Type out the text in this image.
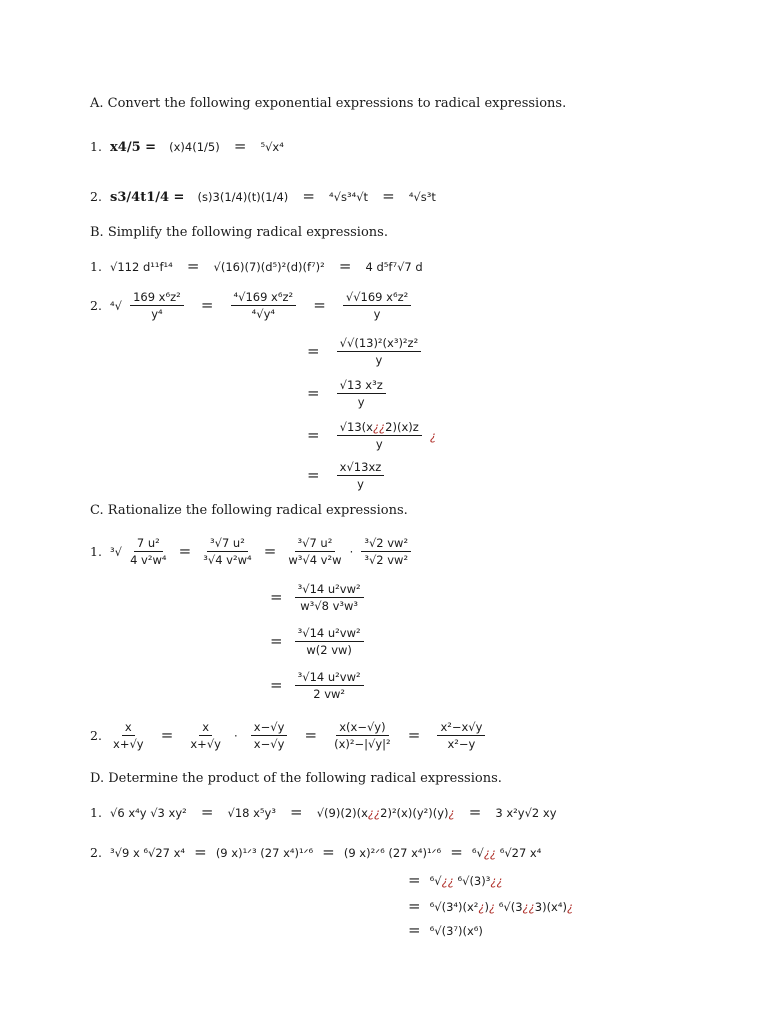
A. Convert the following exponential expressions to radical expressions.
1. x4/5 = (x)4(1/5) = ⁵√x⁴
2. s3/4t1/4 = (s)3(1/4)(t)(1/4) = ⁴√s³⁴√t = ⁴√s³t
B. Simplify the following radical expressions.
1. √112 d¹¹f¹⁴ = √(16)(7)(d⁵)²(d)(f⁷)² = 4 d⁵f⁷√7 d
2. $^4√ \frac{\text{169 x⁶z²}}{\text{y⁴}} = \frac{\text{⁴√169 x⁶z²}}{\text{⁴√y⁴}} = \frac{\text{√√169 x⁶z²}}{y}$
= $\frac{\text{√√(13)²(x³)²z²}}{y}$
= $\frac{\text{√13 x³z}}{y}$
= $\frac{√13(x¿¿2)(x)z}{y}$ ¿
= $\frac{x√13xz}{y}$
C. Rationalize the following radical expressions.
1. $^3√ \frac{\text{7 u²}}{\text{4 v²w⁴}} = \frac{\text{³√7 u²}}{\text{³√4 v²w⁴}} = \frac{\text{³√7 u²}}{\text{w³√4 v²w}} \cdot \frac{\text{³√2 vw²}}{\text{³√2 vw²}}$
= $\frac{\text{³√14 u²vw²}}{\text{w³√8 v³w³}}$
= $\frac{\text{³√14 u²vw²}}{w(2 vw)}$
= $\frac{\text{³√14 u²vw²}}{\text{2 vw²}}$
2. $\frac{x}{x+√y} = \frac{x}{x+√y} \cdot \frac{x-√y}{x-√y} = \frac{x(x-√y)}{\text{(x)²−|√y|²}} = \frac{\text{x²−x√y}}{\text{x²−y}}$
D. Determine the product of the following radical expressions.
1. √6 x⁴y √3 xy² = √18 x⁵y³ = √(9)(2)(x¿¿2)²(x)(y²)(y)¿ = 3 x²y√2 xy
2. ³√9 x ⁶√27 x⁴ = (9 x)¹ᐟ³ (27 x⁴)¹ᐟ⁶ = (9 x)²ᐟ⁶ (27 x⁴)¹ᐟ⁶ = ⁶√¿¿ ⁶√27 x⁴
= ⁶√¿¿ ⁶√(3)³¿¿
= ⁶√(3⁴)(x²¿)¿ ⁶√(3¿¿3)(x⁴)¿
= ⁶√(3⁷)(x⁶)
